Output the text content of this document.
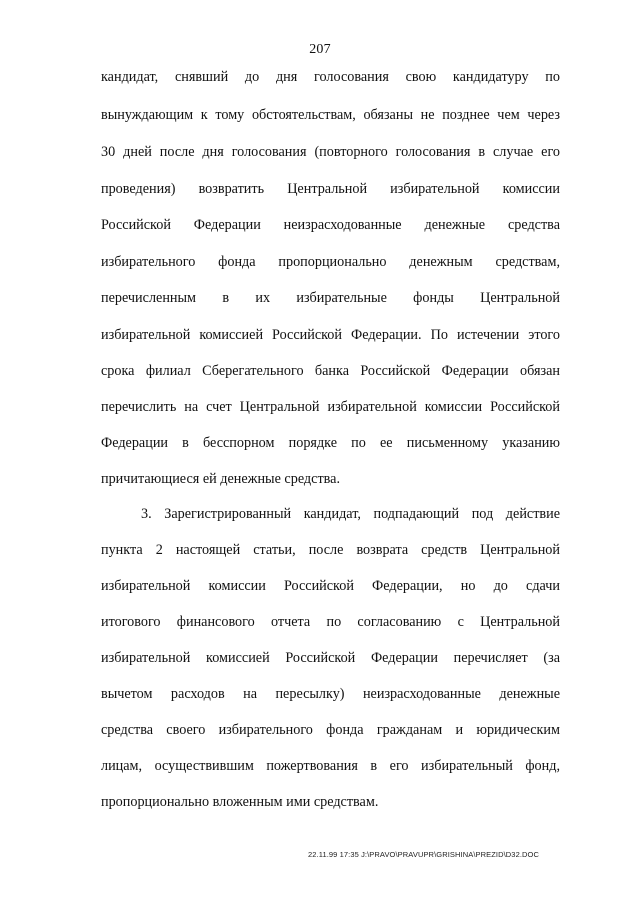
207
кандидат, снявший до дня голосования свою кандидатуру по
вынуждающим к тому обстоятельствам, обязаны не позднее чем через
30 дней после дня голосования (повторного голосования в случае его
проведения) возвратить Центральной избирательной комиссии
Российской Федерации неизрасходованные денежные средства
избирательного фонда пропорционально денежным средствам,
перечисленным в их избирательные фонды Центральной
избирательной комиссией Российской Федерации. По истечении этого
срока филиал Сберегательного банка Российской Федерации обязан
перечислить на счет Центральной избирательной комиссии Российской
Федерации в бесспорном порядке по ее письменному указанию
причитающиеся ей денежные средства.
3. Зарегистрированный кандидат, подпадающий под действие
пункта 2 настоящей статьи, после возврата средств Центральной
избирательной комиссии Российской Федерации, но до сдачи
итогового финансового отчета по согласованию с Центральной
избирательной комиссией Российской Федерации перечисляет (за
вычетом расходов на пересылку) неизрасходованные денежные
средства своего избирательного фонда гражданам и юридическим
лицам, осуществившим пожертвования в его избирательный фонд,
пропорционально вложенным ими средствам.
22.11.99 17:35 J:\PRAVO\PRAVUPR\GRISHINA\PREZID\D32.DOC
